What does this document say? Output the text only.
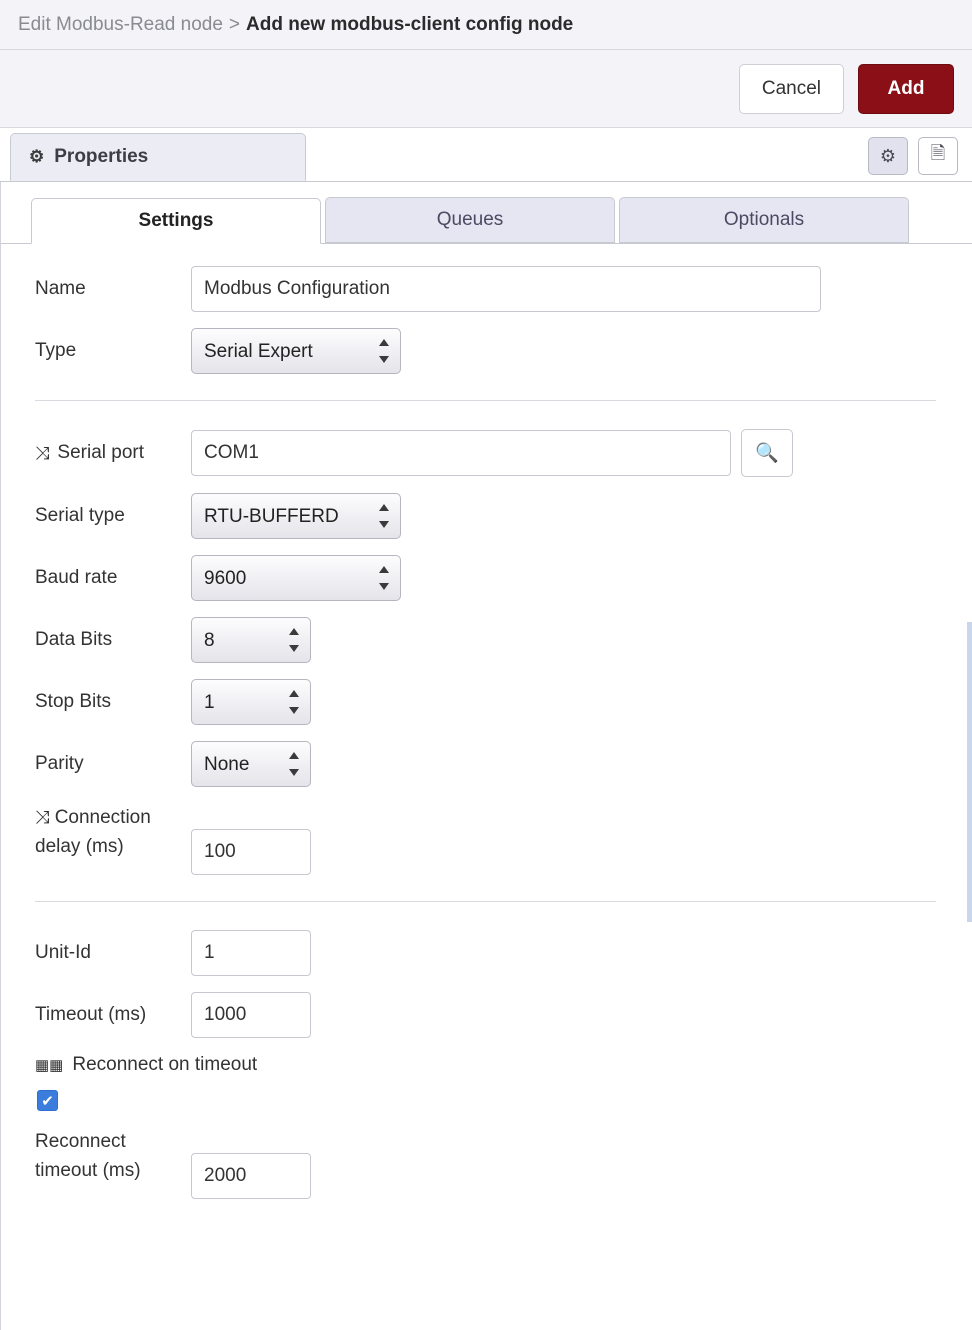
Edit Modbus-Read node > Add new modbus-client config node
Cancel	Add
⚙ Properties	⚙ 🗎
Settings	Queues	Optionals
Name
Modbus Configuration
Type
Serial Expert
⤨ Serial port
COM1	🔍
Serial type
RTU-BUFFERD
Baud rate
9600
Data Bits
8
Stop Bits
1
Parity
None
⤨ Connection delay (ms)
100
Unit-Id
1
Timeout (ms)
1000
▦▦ Reconnect on timeout
✔
Reconnect timeout (ms)
2000
